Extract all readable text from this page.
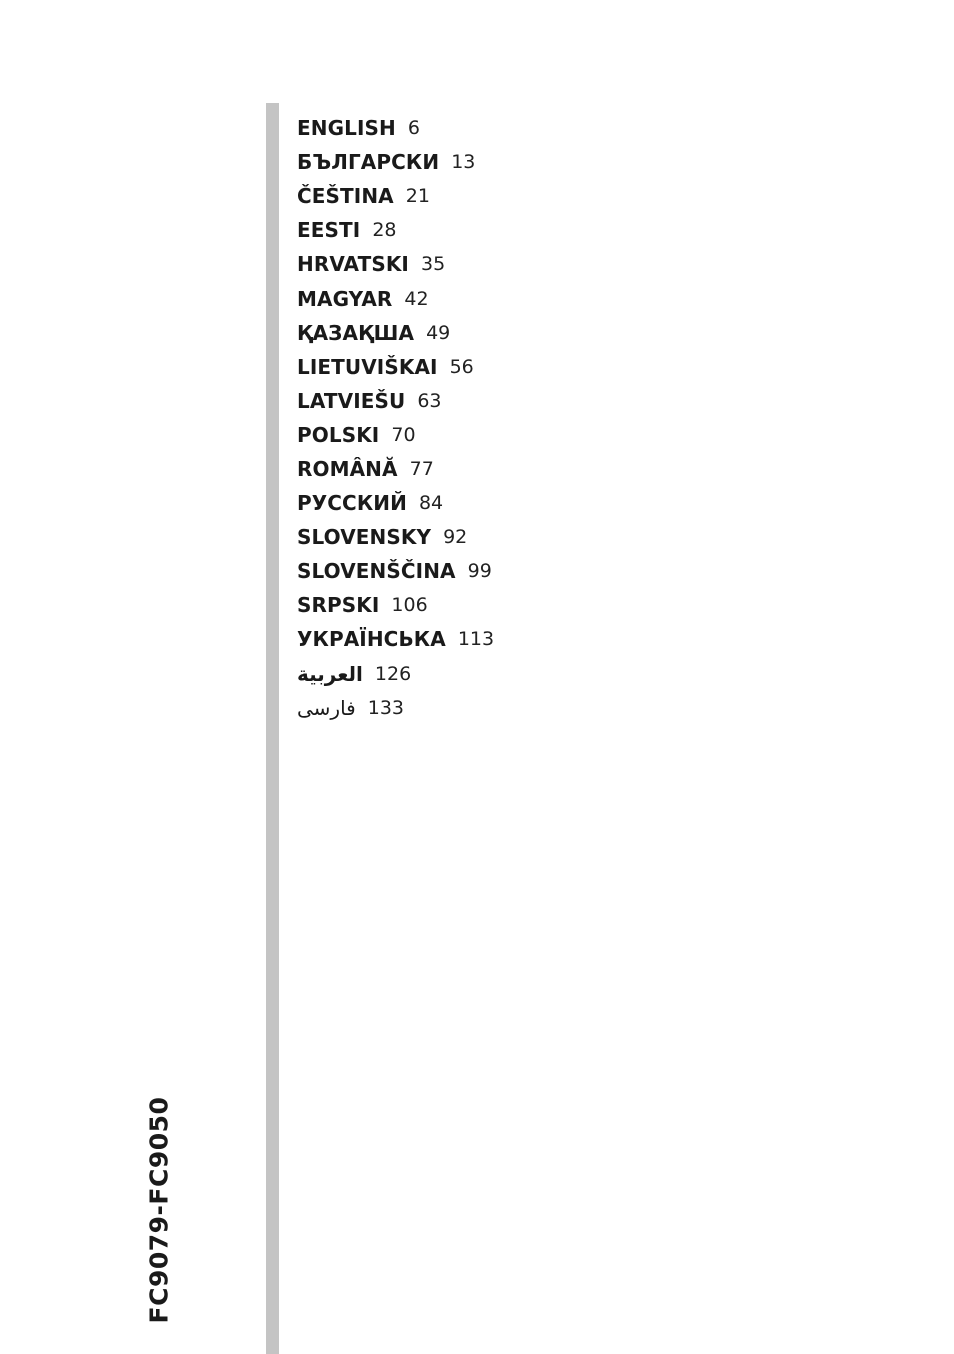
ENGLISH 6
БЪЛГАРСКИ 13
ČEŠTINA 21
EESTI 28
HRVATSKI 35
MAGYAR 42
ҚАЗАҚША 49
LIETUVIŠKAI 56
LATVIEŠU 63
POLSKI 70
ROMÂNĂ 77
РУССКИЙ 84
SLOVENSKY 92
SLOVENŠČINA 99
SRPSKI 106
УКРАЇНСЬКА 113
العربية 126
فارسی 133
FC9079-FC9050
